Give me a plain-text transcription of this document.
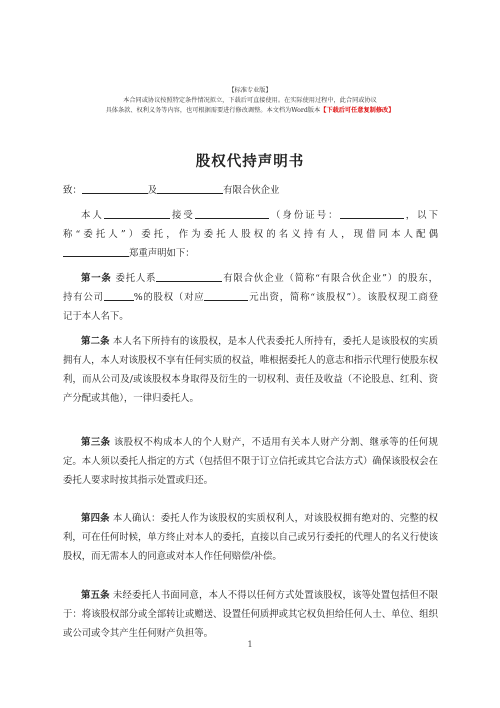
【标准专业版】
本合同或协议按照特定条件情况拟立，下载后可直接使用。在实际使用过程中，此合同或协议
具体条款、权利义务等内容，也可根据需要进行修改调整。本文档为Word版本【下载后可任意复制修改】
股权代持声明书
致：	及	有限合伙企业
本人	接受	（身份证号：	，以下
称“委托人”）委托，作为委托人股权的名义持有人，现借同本人配偶
郑重声明如下：
第一条 委托人系	有限合伙企业（简称“有限合伙企业”）的股东，
持有公司	%的股权（对应	元出资，简称“该股权”）。该股权现工商登
记于本人名下。
第二条 本人名下所持有的该股权，是本人代表委托人所持有，委托人是该股权的实质拥有人，本人对该股权不享有任何实质的权益，唯根据委托人的意志和指示代理行使股东权利，而从公司及/或该股权本身取得及衍生的一切权利、责任及收益（不论股息、红利、资产分配或其他），一律归委托人。
第三条 该股权不构成本人的个人财产，不适用有关本人财产分割、继承等的任何规定。本人须以委托人指定的方式（包括但不限于订立信托或其它合法方式）确保该股权会在委托人要求时按其指示处置或归还。
第四条 本人确认：委托人作为该股权的实质权利人，对该股权拥有绝对的、完整的权利，可在任何时候，单方终止对本人的委托，直接以自己或另行委托的代理人的名义行使该股权，而无需本人的同意或对本人作任何赔偿/补偿。
第五条 未经委托人书面同意，本人不得以任何方式处置该股权，该等处置包括但不限于：将该股权部分或全部转让或赠送、设置任何质押或其它权负担给任何人士、单位、组织或公司或令其产生任何财产负担等。
1
